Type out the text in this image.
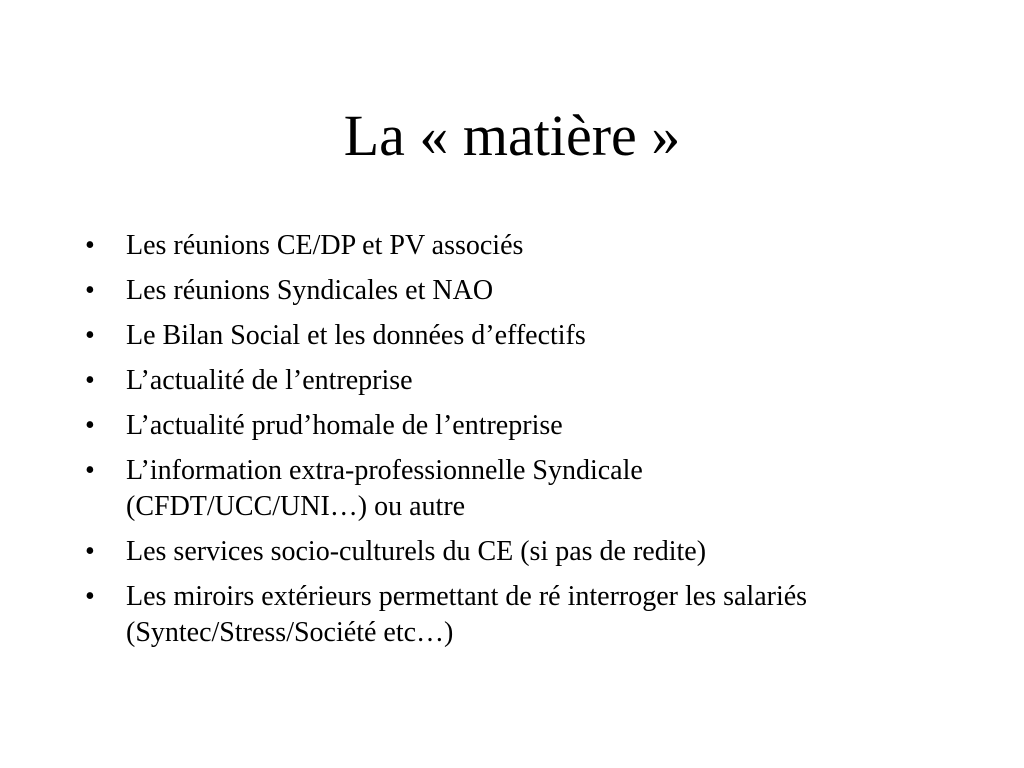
La « matière »
•	Les réunions CE/DP et PV associés
•	Les réunions Syndicales et NAO
•	Le Bilan Social et les données d’effectifs
•	L’actualité de l’entreprise
•	L’actualité prud’homale de l’entreprise
•	L’information extra-professionnelle Syndicale (CFDT/UCC/UNI…) ou autre
•	Les services socio-culturels du CE (si pas de redite)
•	Les miroirs extérieurs permettant de ré interroger les salariés (Syntec/Stress/Société etc…)
